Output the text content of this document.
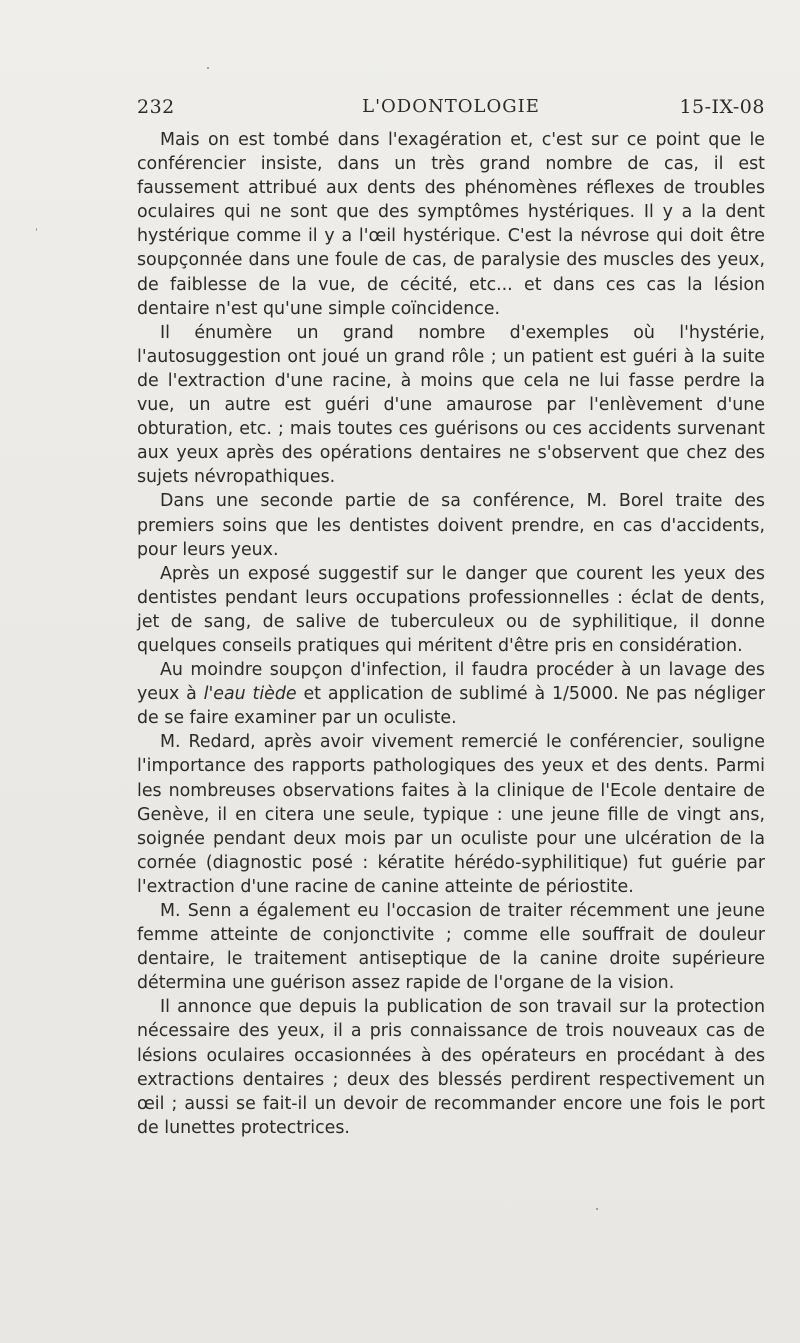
232	L'ODONTOLOGIE	15-IX-08

Mais on est tombé dans l'exagération et, c'est sur ce point que le conférencier insiste, dans un très grand nombre de cas, il est faussement attribué aux dents des phénomènes réflexes de troubles oculaires qui ne sont que des symptômes hystériques. Il y a la dent hystérique comme il y a l'œil hystérique. C'est la névrose qui doit être soupçonnée dans une foule de cas, de paralysie des muscles des yeux, de faiblesse de la vue, de cécité, etc... et dans ces cas la lésion dentaire n'est qu'une simple coïncidence.

Il énumère un grand nombre d'exemples où l'hystérie, l'autosuggestion ont joué un grand rôle ; un patient est guéri à la suite de l'extraction d'une racine, à moins que cela ne lui fasse perdre la vue, un autre est guéri d'une amaurose par l'enlèvement d'une obturation, etc. ; mais toutes ces guérisons ou ces accidents survenant aux yeux après des opérations dentaires ne s'observent que chez des sujets névropathiques.

Dans une seconde partie de sa conférence, M. Borel traite des premiers soins que les dentistes doivent prendre, en cas d'accidents, pour leurs yeux.

Après un exposé suggestif sur le danger que courent les yeux des dentistes pendant leurs occupations professionnelles : éclat de dents, jet de sang, de salive de tuberculeux ou de syphilitique, il donne quelques conseils pratiques qui méritent d'être pris en considération.

Au moindre soupçon d'infection, il faudra procéder à un lavage des yeux à l'eau tiède et application de sublimé à 1/5000. Ne pas négliger de se faire examiner par un oculiste.

M. Redard, après avoir vivement remercié le conférencier, souligne l'importance des rapports pathologiques des yeux et des dents. Parmi les nombreuses observations faites à la clinique de l'Ecole dentaire de Genève, il en citera une seule, typique : une jeune fille de vingt ans, soignée pendant deux mois par un oculiste pour une ulcération de la cornée (diagnostic posé : kératite hérédo-syphilitique) fut guérie par l'extraction d'une racine de canine atteinte de périostite.

M. Senn a également eu l'occasion de traiter récemment une jeune femme atteinte de conjonctivite ; comme elle souffrait de douleur dentaire, le traitement antiseptique de la canine droite supérieure détermina une guérison assez rapide de l'organe de la vision.

Il annonce que depuis la publication de son travail sur la protection nécessaire des yeux, il a pris connaissance de trois nouveaux cas de lésions oculaires occasionnées à des opérateurs en procédant à des extractions dentaires ; deux des blessés perdirent respectivement un œil ; aussi se fait-il un devoir de recommander encore une fois le port de lunettes protectrices.
